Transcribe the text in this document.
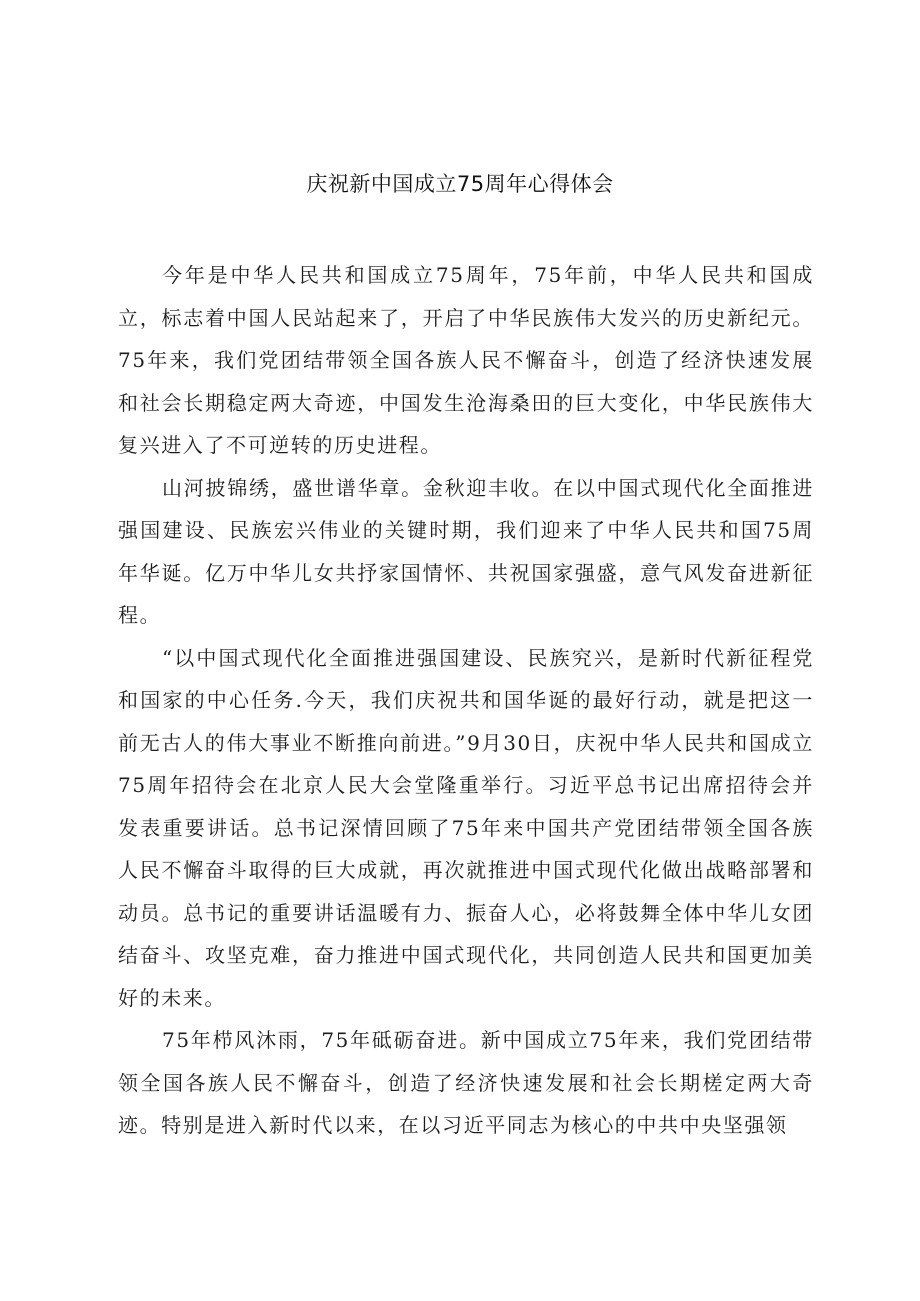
庆祝新中国成立75周年心得体会

今年是中华人民共和国成立75周年，75年前，中华人民共和国成立，标志着中国人民站起来了，开启了中华民族伟大发兴的历史新纪元。75年来，我们党团结带领全国各族人民不懈奋斗，创造了经济快速发展和社会长期稳定两大奇迹，中国发生沧海桑田的巨大变化，中华民族伟大复兴进入了不可逆转的历史进程。

山河披锦绣，盛世谱华章。金秋迎丰收。在以中国式现代化全面推进强国建设、民族宏兴伟业的关键时期，我们迎来了中华人民共和国75周年华诞。亿万中华儿女共抒家国情怀、共祝国家强盛，意气风发奋进新征程。

“以中国式现代化全面推进强国建设、民族究兴，是新时代新征程党和国家的中心任务.今天，我们庆祝共和国华诞的最好行动，就是把这一前无古人的伟大事业不断推向前进。”9月30日，庆祝中华人民共和国成立75周年招待会在北京人民大会堂隆重举行。习近平总书记出席招待会并发表重要讲话。总书记深情回顾了75年来中国共产党团结带领全国各族人民不懈奋斗取得的巨大成就，再次就推进中国式现代化做出战略部署和动员。总书记的重要讲话温暖有力、振奋人心，必将鼓舞全体中华儿女团结奋斗、攻坚克难，奋力推进中国式现代化，共同创造人民共和国更加美好的未来。

75年栉风沐雨，75年砥砺奋进。新中国成立75年来，我们党团结带领全国各族人民不懈奋斗，创造了经济快速发展和社会长期槎定两大奇迹。特别是进入新时代以来，在以习近平同志为核心的中共中央坚强领
